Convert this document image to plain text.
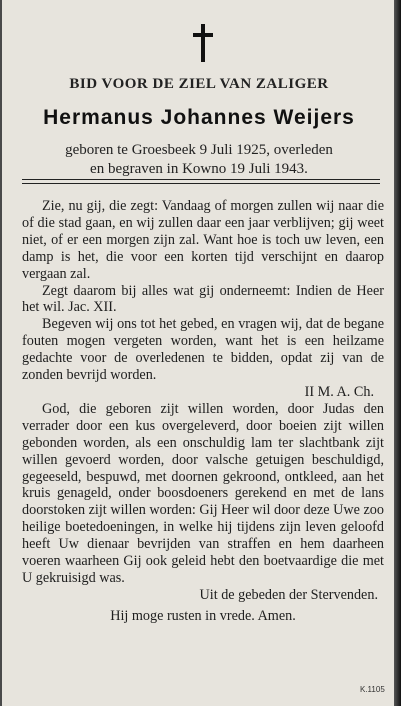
BID VOOR DE ZIEL VAN ZALIGER
Hermanus Johannes Weijers
geboren te Groesbeek 9 Juli 1925, overleden
en begraven in Kowno 19 Juli 1943.

Zie, nu gij, die zegt: Vandaag of morgen zullen wij naar die of die stad gaan, en wij zullen daar een jaar verblijven; gij weet niet, of er een morgen zijn zal. Want hoe is toch uw leven, een damp is het, die voor een korten tijd verschijnt en daarop vergaan zal.

Zegt daarom bij alles wat gij onderneemt: Indien de Heer het wil. Jac. XII.

Begeven wij ons tot het gebed, en vragen wij, dat de begane fouten mogen vergeten worden, want het is een heilzame gedachte voor de overledenen te bidden, opdat zij van de zonden bevrijd worden.

II M. A. Ch.

God, die geboren zijt willen worden, door Judas den verrader door een kus overgeleverd, door boeien zijt willen gebonden worden, als een onschuldig lam ter slachtbank zijt willen gevoerd worden, door valsche getuigen beschuldigd, gegeeseld, bespuwd, met doornen gekroond, ontkleed, aan het kruis genageld, onder boosdoeners gerekend en met de lans doorstoken zijt willen worden: Gij Heer wil door deze Uwe zoo heilige boetedoeningen, in welke hij tijdens zijn leven geloofd heeft Uw dienaar bevrijden van straffen en hem daarheen voeren waarheen Gij ook geleid hebt den boetvaardige die met U gekruisigd was.

Uit de gebeden der Stervenden.

Hij moge rusten in vrede. Amen.

K.1105
